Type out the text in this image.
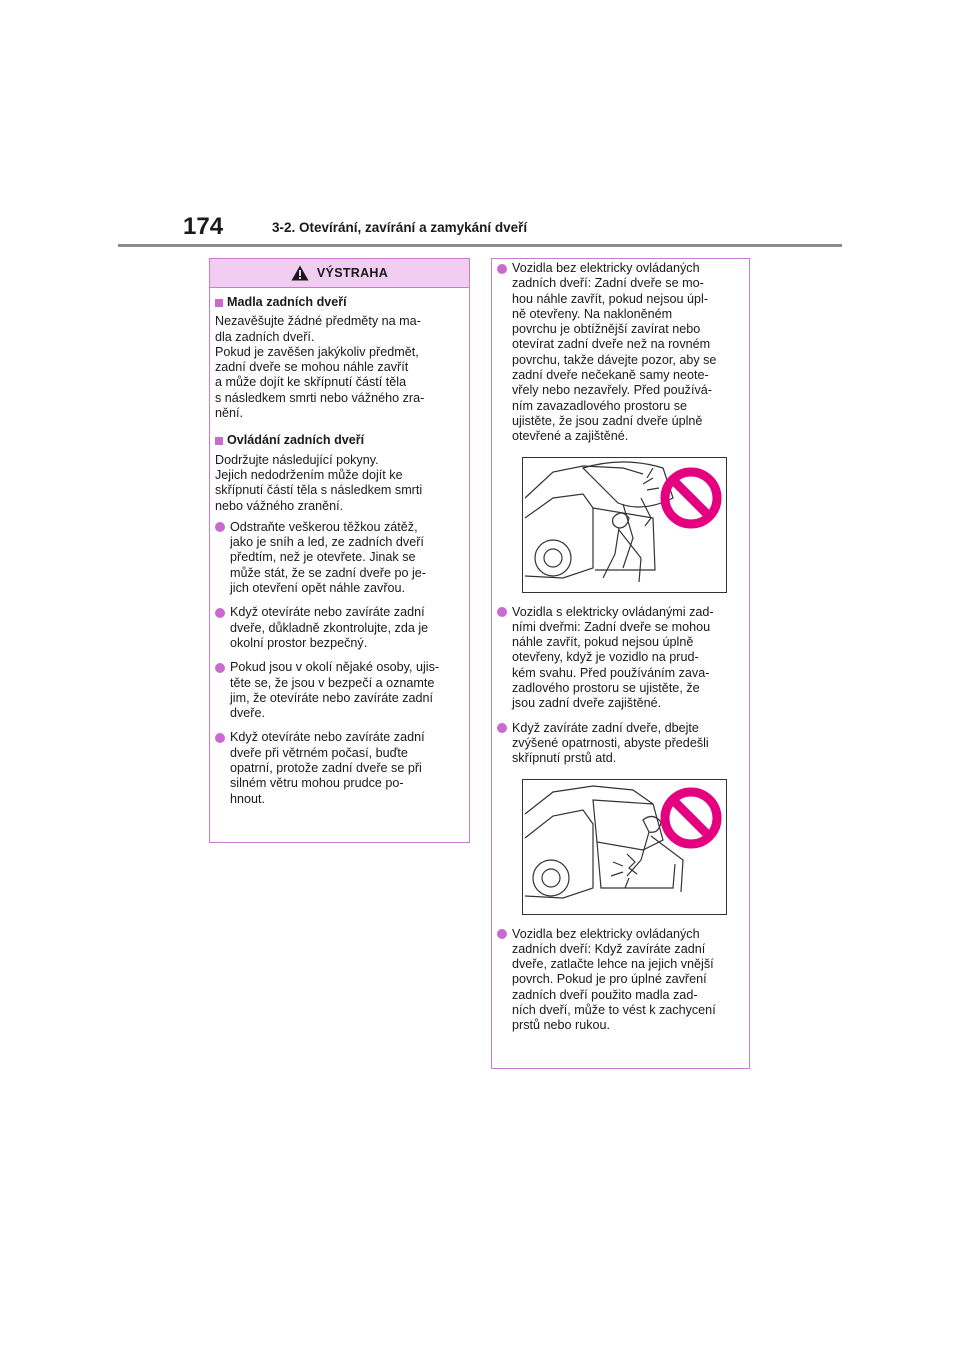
174	3-2. Otevírání, zavírání a zamykání dveří
VÝSTRAHA
Madla zadních dveří
Nezavěšujte žádné předměty na ma-
dla zadních dveří.
Pokud je zavěšen jakýkoliv předmět,
zadní dveře se mohou náhle zavřít
a může dojít ke skřípnutí částí těla
s následkem smrti nebo vážného zra-
nění.
Ovládání zadních dveří
Dodržujte následující pokyny.
Jejich nedodržením může dojít ke
skřípnutí částí těla s následkem smrti
nebo vážného zranění.
Odstraňte veškerou těžkou zátěž,
jako je sníh a led, ze zadních dveří
předtím, než je otevřete. Jinak se
může stát, že se zadní dveře po je-
jich otevření opět náhle zavřou.
Když otevíráte nebo zavíráte zadní
dveře, důkladně zkontrolujte, zda je
okolní prostor bezpečný.
Pokud jsou v okolí nějaké osoby, ujis-
těte se, že jsou v bezpečí a oznamte
jim, že otevíráte nebo zavíráte zadní
dveře.
Když otevíráte nebo zavíráte zadní
dveře při větrném počasí, buďte
opatrní, protože zadní dveře se při
silném větru mohou prudce po-
hnout.
Vozidla bez elektricky ovládaných
zadních dveří: Zadní dveře se mo-
hou náhle zavřít, pokud nejsou úpl-
ně otevřeny. Na nakloněném
povrchu je obtížnější zavírat nebo
otevírat zadní dveře než na rovném
povrchu, takže dávejte pozor, aby se
zadní dveře nečekaně samy neote-
vřely nebo nezavřely. Před používá-
ním zavazadlového prostoru se
ujistěte, že jsou zadní dveře úplně
otevřené a zajištěné.
Vozidla s elektricky ovládanými zad-
ními dveřmi: Zadní dveře se mohou
náhle zavřít, pokud nejsou úplně
otevřeny, když je vozidlo na prud-
kém svahu. Před používáním zava-
zadlového prostoru se ujistěte, že
jsou zadní dveře zajištěné.
Když zavíráte zadní dveře, dbejte
zvýšené opatrnosti, abyste předešli
skřípnutí prstů atd.
Vozidla bez elektricky ovládaných
zadních dveří: Když zavíráte zadní
dveře, zatlačte lehce na jejich vnější
povrch. Pokud je pro úplné zavření
zadních dveří použito madla zad-
ních dveří, může to vést k zachycení
prstů nebo rukou.
